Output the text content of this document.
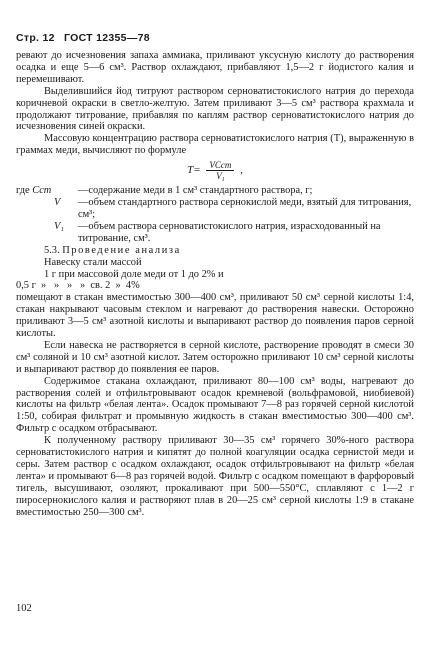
Стр. 12 ГОСТ 12355—78

ревают до исчезновения запаха аммиака, приливают уксусную кислоту до растворения осадка и еще 5—6 см³. Раствор охлаждают, прибавляют 1,5—2 г йодистого калия и перемешивают.

Выделившийся йод титруют раствором серноватистокислого натрия до перехода коричневой окраски в светло-желтую. Затем приливают 3—5 см³ раствора крахмала и продолжают титрование, прибавляя по каплям раствор серноватистокислого натрия до исчезновения синей окраски.

Массовую концентрацию раствора серноватистокислого натрия (T), выраженную в граммах меди, вычисляют по формуле

$T= \frac{\text{VCст}}{\text{V₁}}$ ,
где Cст	—содержание меди в 1 см³ стандартного раствора, г;
V	—объем стандартного раствора сернокислой меди, взятый для титрования, см³;
V₁	—объем раствора серноватистокислого натрия, израсходованный на титрование, см³.

5.3. Проведение анализа

Навеску стали массой

1 г при массовой доле меди от 1 до 2% и

0,5 г  »   »   »   »  св. 2  »  4%

помещают в стакан вместимостью 300—400 см³, приливают 50 см³ серной кислоты 1:4, стакан накрывают часовым стеклом и нагревают до растворения навески. Осторожно приливают 3—5 см³ азотной кислоты и выпаривают раствор до появления паров серной кислоты.

Если навеска не растворяется в серной кислоте, растворение проводят в смеси 30 см³ соляной и 10 см³ азотной кислот. Затем осторожно приливают 10 см³ серной кислоты и выпаривают раствор до появления ее паров.

Содержимое стакана охлаждают, приливают 80—100 см³ воды, нагревают до растворения солей и отфильтровывают осадок кремневой (вольфрамовой, ниобиевой) кислоты на фильтр «белая лента». Осадок промывают 7—8 раз горячей серной кислотой 1:50, собирая фильтрат и промывную жидкость в стакан вместимостью 300—400 см³. Фильтр с осадком отбрасывают.

К полученному раствору приливают 30—35 см³ горячего 30%-ного раствора серноватистокислого натрия и кипятят до полной коагуляции осадка сернистой меди и серы. Затем раствор с осадком охлаждают, осадок отфильтровывают на фильтр «белая лента» и промывают 6—8 раз горячей водой. Фильтр с осадком помещают в фарфоровый тигель, высушивают, озоляют, прокаливают при 500—550°С, сплавляют с 1—2 г пиросернокислого калия и растворяют плав в 20—25 см³ серной кислоты 1:9 в стакане вместимостью 250—300 см³.

102
